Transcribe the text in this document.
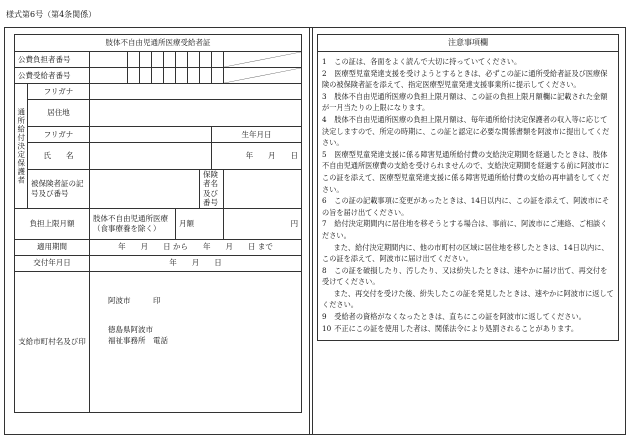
様式第6号（第4条関係）
肢体不自由児通所医療受給者証											
公費負担者番号										

公費受給者番号										

通所給付決定保護者	フリガナ										
	居住地										
	フリガナ									生年月日	
	氏　　名									年　　月　　日	
	被保険者証の記号及び番号								保険者名及び番号		
負担上限月額		肢体不自由児通所医療（食事療養を除く）					月額				円
適用期間		年　　月　　日 から　　年　　月　　日 まで									
交付年月日		年　　月　　日									
支給市町村名及び印		阿波市　　　印
徳島県阿波市
福祉事務所　電話									
注意事項欄

1 この証は、各面をよく読んで大切に持っていてください。

2 医療型児童発達支援を受けようとするときは、必ずこの証に通所受給者証及び医療保険の被保険者証を添えて、指定医療型児童発達支援事業所に提示してください。

3 肢体不自由児通所医療の負担上限月額は、この証の負担上限月額欄に記載された金額が一月当たりの上限になります。

4 肢体不自由児通所医療の負担上限月額は、毎年通所給付決定保護者の収入等に応じて決定しますので、所定の時期に、この証と認定に必要な関係書類を阿波市に提出してください。

5 医療型児童発達支援に係る障害児通所給付費の支給決定期間を経過したときは、肢体不自由児通所医療費の支給を受けられませんので、支給決定期間を経過する前に阿波市にこの証を添えて、医療型児童発達支援に係る障害児通所給付費の支給の再申請をしてください。

6 この証の記載事項に変更があったときは、14日以内に、この証を添えて、阿波市にその旨を届け出てください。

7 給付決定期間内に居住地を移そうとする場合は、事前に、阿波市にご連絡、ご相談ください。

また、給付決定期間内に、他の市町村の区域に居住地を移したときは、14日以内に、この証を添えて、阿波市に届け出てください。

8 この証を破損したり、汚したり、又は紛失したときは、速やかに届け出て、再交付を受けてください。

また、再交付を受けた後、紛失したこの証を発見したときは、速やかに阿波市に返してください。

9 受給者の資格がなくなったときは、直ちにこの証を阿波市に返してください。

10 不正にこの証を使用した者は、関係法令により処罰されることがあります。
